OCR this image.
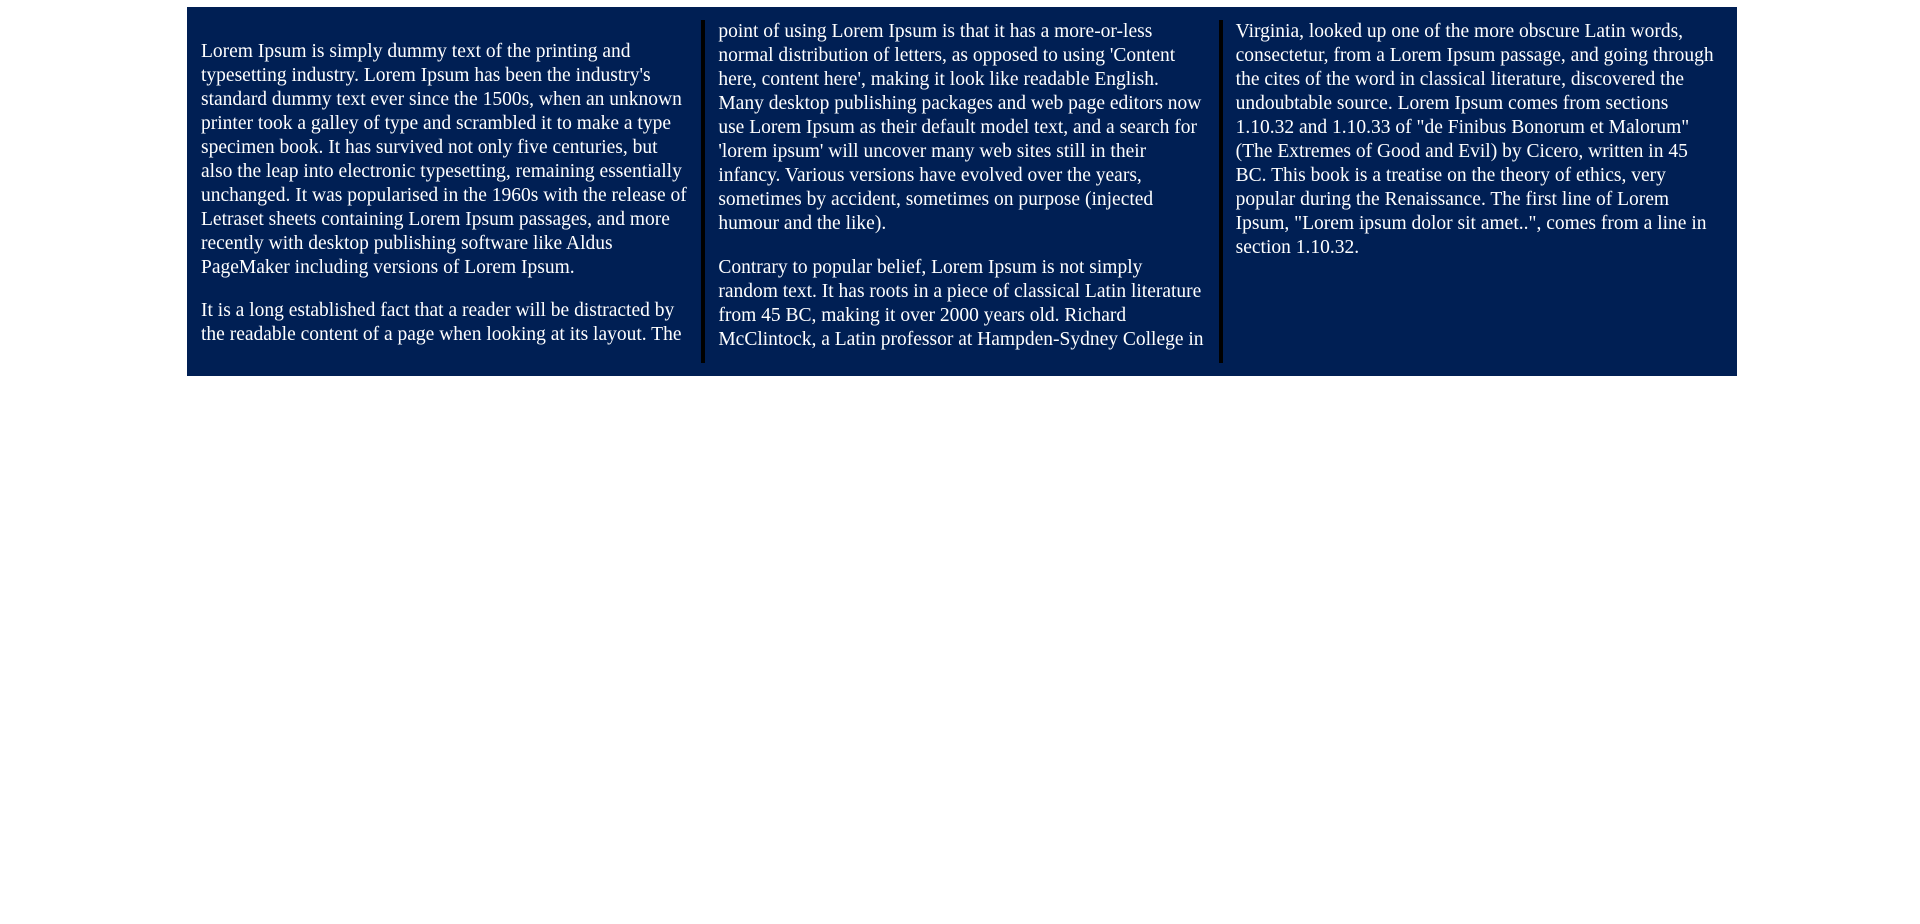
Lorem Ipsum is simply dummy text of the printing and typesetting industry. Lorem Ipsum has been the industry's standard dummy text ever since the 1500s, when an unknown printer took a galley of type and scrambled it to make a type specimen book. It has survived not only five centuries, but also the leap into electronic typesetting, remaining essentially unchanged. It was popularised in the 1960s with the release of Letraset sheets containing Lorem Ipsum passages, and more recently with desktop publishing software like Aldus PageMaker including versions of Lorem Ipsum.

It is a long established fact that a reader will be distracted by the readable content of a page when looking at its layout. The point of using Lorem Ipsum is that it has a more-or-less normal distribution of letters, as opposed to using 'Content here, content here', making it look like readable English. Many desktop publishing packages and web page editors now use Lorem Ipsum as their default model text, and a search for 'lorem ipsum' will uncover many web sites still in their infancy. Various versions have evolved over the years, sometimes by accident, sometimes on purpose (injected humour and the like).

Contrary to popular belief, Lorem Ipsum is not simply random text. It has roots in a piece of classical Latin literature from 45 BC, making it over 2000 years old. Richard McClintock, a Latin professor at Hampden-Sydney College in Virginia, looked up one of the more obscure Latin words, consectetur, from a Lorem Ipsum passage, and going through the cites of the word in classical literature, discovered the undoubtable source. Lorem Ipsum comes from sections 1.10.32 and 1.10.33 of "de Finibus Bonorum et Malorum" (The Extremes of Good and Evil) by Cicero, written in 45 BC. This book is a treatise on the theory of ethics, very popular during the Renaissance. The first line of Lorem Ipsum, "Lorem ipsum dolor sit amet..", comes from a line in section 1.10.32.
